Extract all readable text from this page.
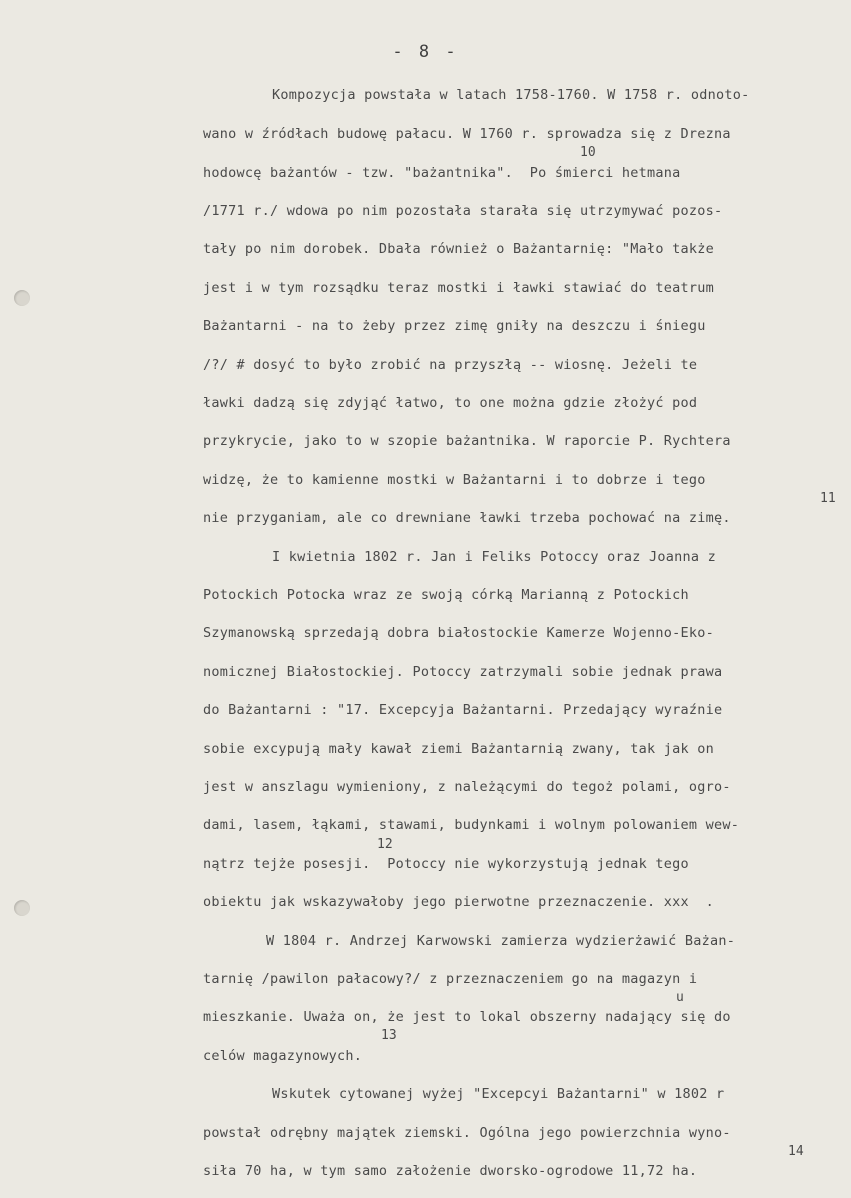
- 8 -
Kompozycja powstała w latach 1758-1760. W 1758 r. odnoto-
wano w źródłach budowę pałacu. W 1760 r. sprowadza się z Drezna
hodowcę bażantów - tzw. "bażantnika".  Po śmierci hetmana
/1771 r./ wdowa po nim pozostała starała się utrzymywać pozos-
tały po nim dorobek. Dbała również o Bażantarnię: "Mało także
jest i w tym rozsądku teraz mostki i ławki stawiać do teatrum
Bażantarni - na to żeby przez zimę gniły na deszczu i śniegu
/?/ # dosyć to było zrobić na przyszłą -- wiosnę. Jeżeli te
ławki dadzą się zdyjąć łatwo, to one można gdzie złożyć pod
przykrycie, jako to w szopie bażantnika. W raporcie P. Rychtera
widzę, że to kamienne mostki w Bażantarni i to dobrze i tego
nie przyganiam, ale co drewniane ławki trzeba pochować na zimę.
I kwietnia 1802 r. Jan i Feliks Potoccy oraz Joanna z
Potockich Potocka wraz ze swoją córką Marianną z Potockich
Szymanowską sprzedają dobra białostockie Kamerze Wojenno-Eko-
nomicznej Białostockiej. Potoccy zatrzymali sobie jednak prawa
do Bażantarni : "17. Excepcyja Bażantarni. Przedający wyraźnie
sobie excypują mały kawał ziemi Bażantarnią zwany, tak jak on
jest w anszlagu wymieniony, z należącymi do tegoż polami, ogro-
dami, lasem, łąkami, stawami, budynkami i wolnym polowaniem wew-
nątrz tejże posesji.  Potoccy nie wykorzystują jednak tego
obiektu jak wskazywałoby jego pierwotne przeznaczenie. xxx  .
W 1804 r. Andrzej Karwowski zamierza wydzierżawić Bażan-
tarnię /pawilon pałacowy?/ z przeznaczeniem go na magazyn i
mieszkanie. Uważa on, że jest to lokal obszerny nadający się do
celów magazynowych.
Wskutek cytowanej wyżej "Excepcyi Bażantarni" w 1802 r
powstał odrębny majątek ziemski. Ogólna jego powierzchnia wyno-
siła 70 ha, w tym samo założenie dworsko-ogrodowe 11,72 ha.
10
11
12
13
u
14
